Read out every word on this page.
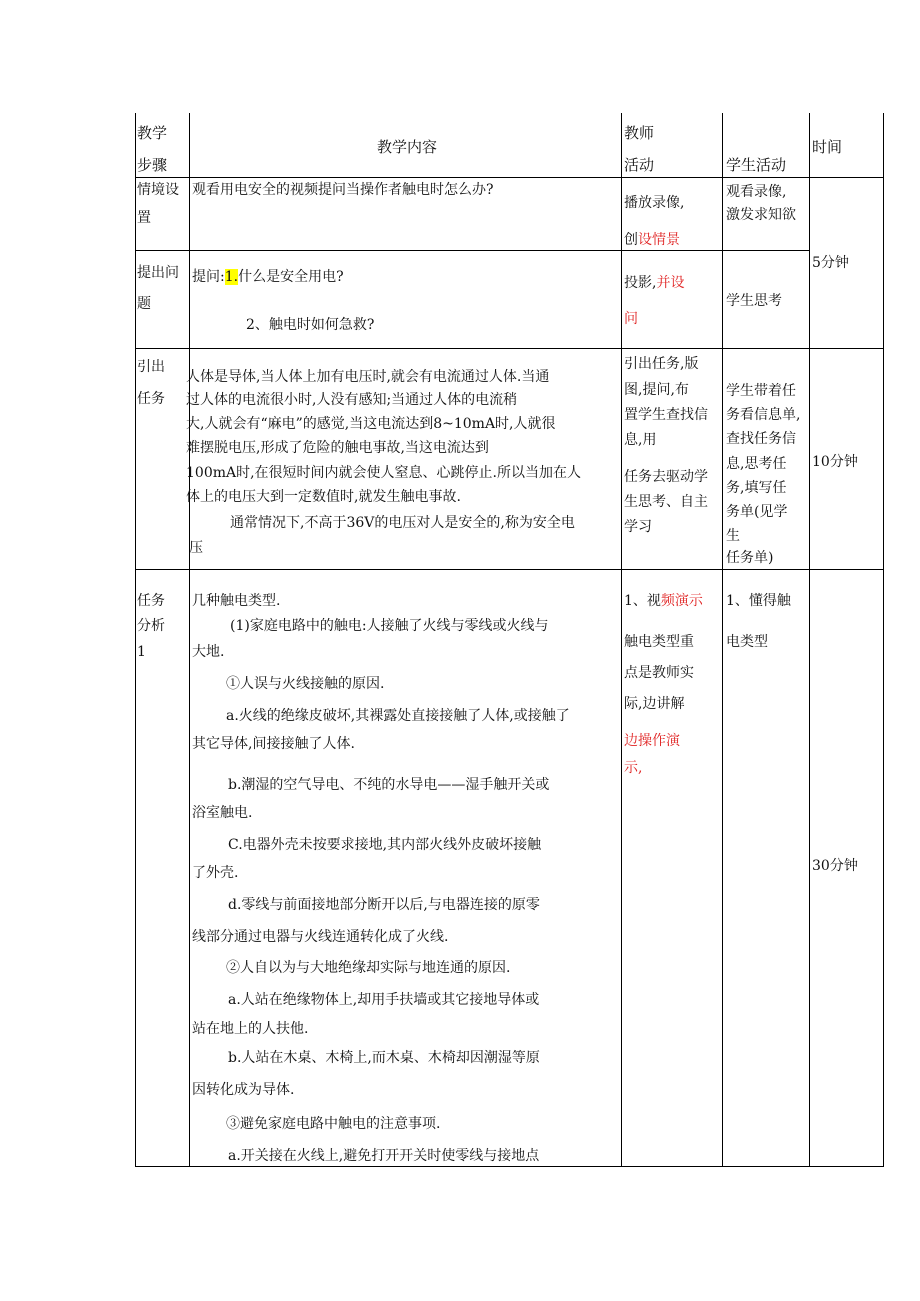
教学
步骤
教学内容
教师
活动	学生活动
时间
情境设
置
观看用电安全的视频提问当操作者触电时怎么办?
播放录像,
创设情景
观看录像,
激发求知欲
提出问
题
提问:1.什么是安全用电?
2、触电时如何急救?
投影,并设
问
学生思考
5分钟
引出
任务
人体是导体,当人体上加有电压时,就会有电流通过人体.当通
过人体的电流很小时,人没有感知;当通过人体的电流稍
大,人就会有“麻电”的感觉,当这电流达到8~10mA时,人就很
难摆脱电压,形成了危险的触电事故,当这电流达到
100mA时,在很短时间内就会使人窒息、心跳停止.所以当加在人
体上的电压大到一定数值时,就发生触电事故.
通常情况下,不高于36V的电压对人是安全的,称为安全电
压
引出任务,版
图,提问,布
置学生查找信
息,用
任务去驱动学
生思考、自主
学习
学生带着任
务看信息单,
查找任务信
息,思考任
务,填写任
务单(见学
生
任务单)
10分钟
任务
分析
1
几种触电类型.
(1)家庭电路中的触电:人接触了火线与零线或火线与
大地.
①人误与火线接触的原因.
a.火线的绝缘皮破坏,其裸露处直接接触了人体,或接触了
其它导体,间接接触了人体.
b.潮湿的空气导电、不纯的水导电——湿手触开关或
浴室触电.
C.电器外壳未按要求接地,其内部火线外皮破坏接触
了外壳.
d.零线与前面接地部分断开以后,与电器连接的原零
线部分通过电器与火线连通转化成了火线.
②人自以为与大地绝缘却实际与地连通的原因.
a.人站在绝缘物体上,却用手扶墙或其它接地导体或
站在地上的人扶他.
b.人站在木桌、木椅上,而木桌、木椅却因潮湿等原
因转化成为导体.
③避免家庭电路中触电的注意事项.
a.开关接在火线上,避免打开开关时使零线与接地点
1、视频演示
触电类型重
点是教师实
际,边讲解
边操作演
示,
1、懂得触
电类型
30分钟
